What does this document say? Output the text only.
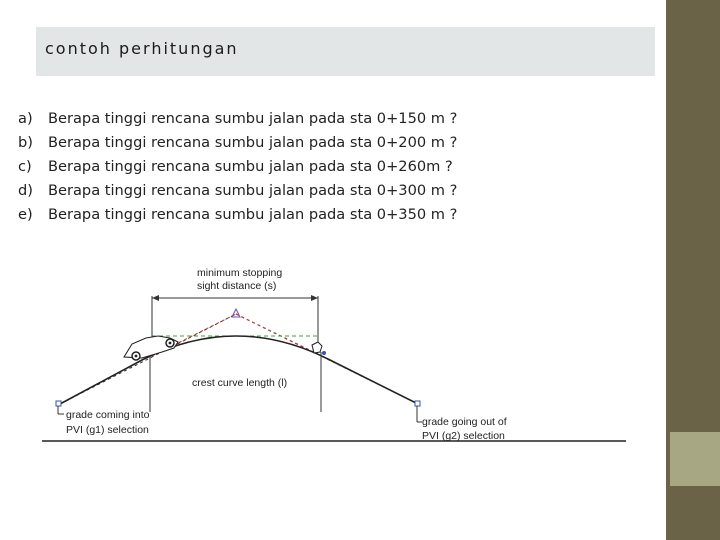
contoh perhitungan
a) Berapa tinggi rencana sumbu jalan pada sta 0+150 m ?
b) Berapa tinggi rencana sumbu jalan pada sta 0+200 m ?
c) Berapa tinggi rencana sumbu jalan pada sta 0+260m ?
d) Berapa tinggi rencana sumbu jalan pada sta 0+300 m ?
e) Berapa tinggi rencana sumbu jalan pada sta 0+350 m ?
minimum stopping
sight distance (s)
crest curve length (l)
grade coming into
PVI (g1) selection
grade going out of
PVI (g2) selection
